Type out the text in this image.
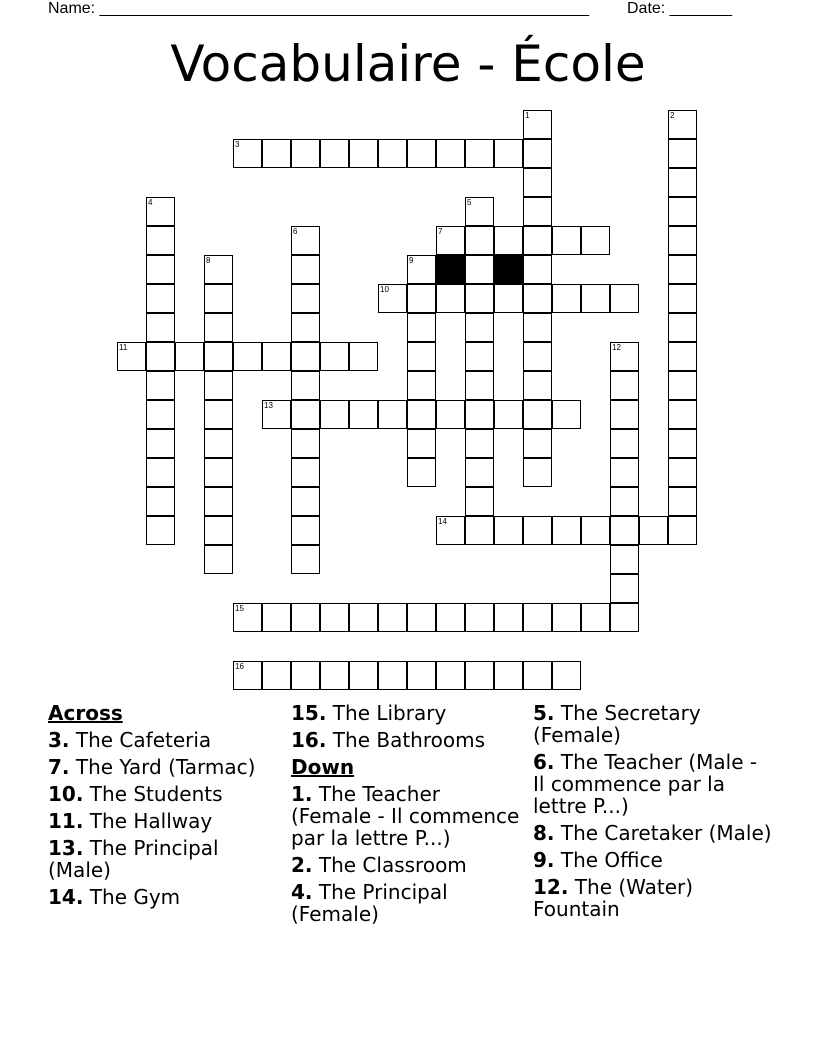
Name: _______________________________________________________ Date: _______
Vocabulaire - École
3
7
10
11
13
14
15
16
1	2
4	5
6
8	9
12
Across
3. The Cafeteria
7. The Yard (Tarmac)
10. The Students
11. The Hallway
13. The Principal (Male)
14. The Gym
15. The Library
16. The Bathrooms
Down
1. The Teacher (Female - Il commence par la lettre P...)
2. The Classroom
4. The Principal (Female)
5. The Secretary (Female)
6. The Teacher (Male - Il commence par la lettre P...)
8. The Caretaker (Male)
9. The Office
12. The (Water) Fountain
